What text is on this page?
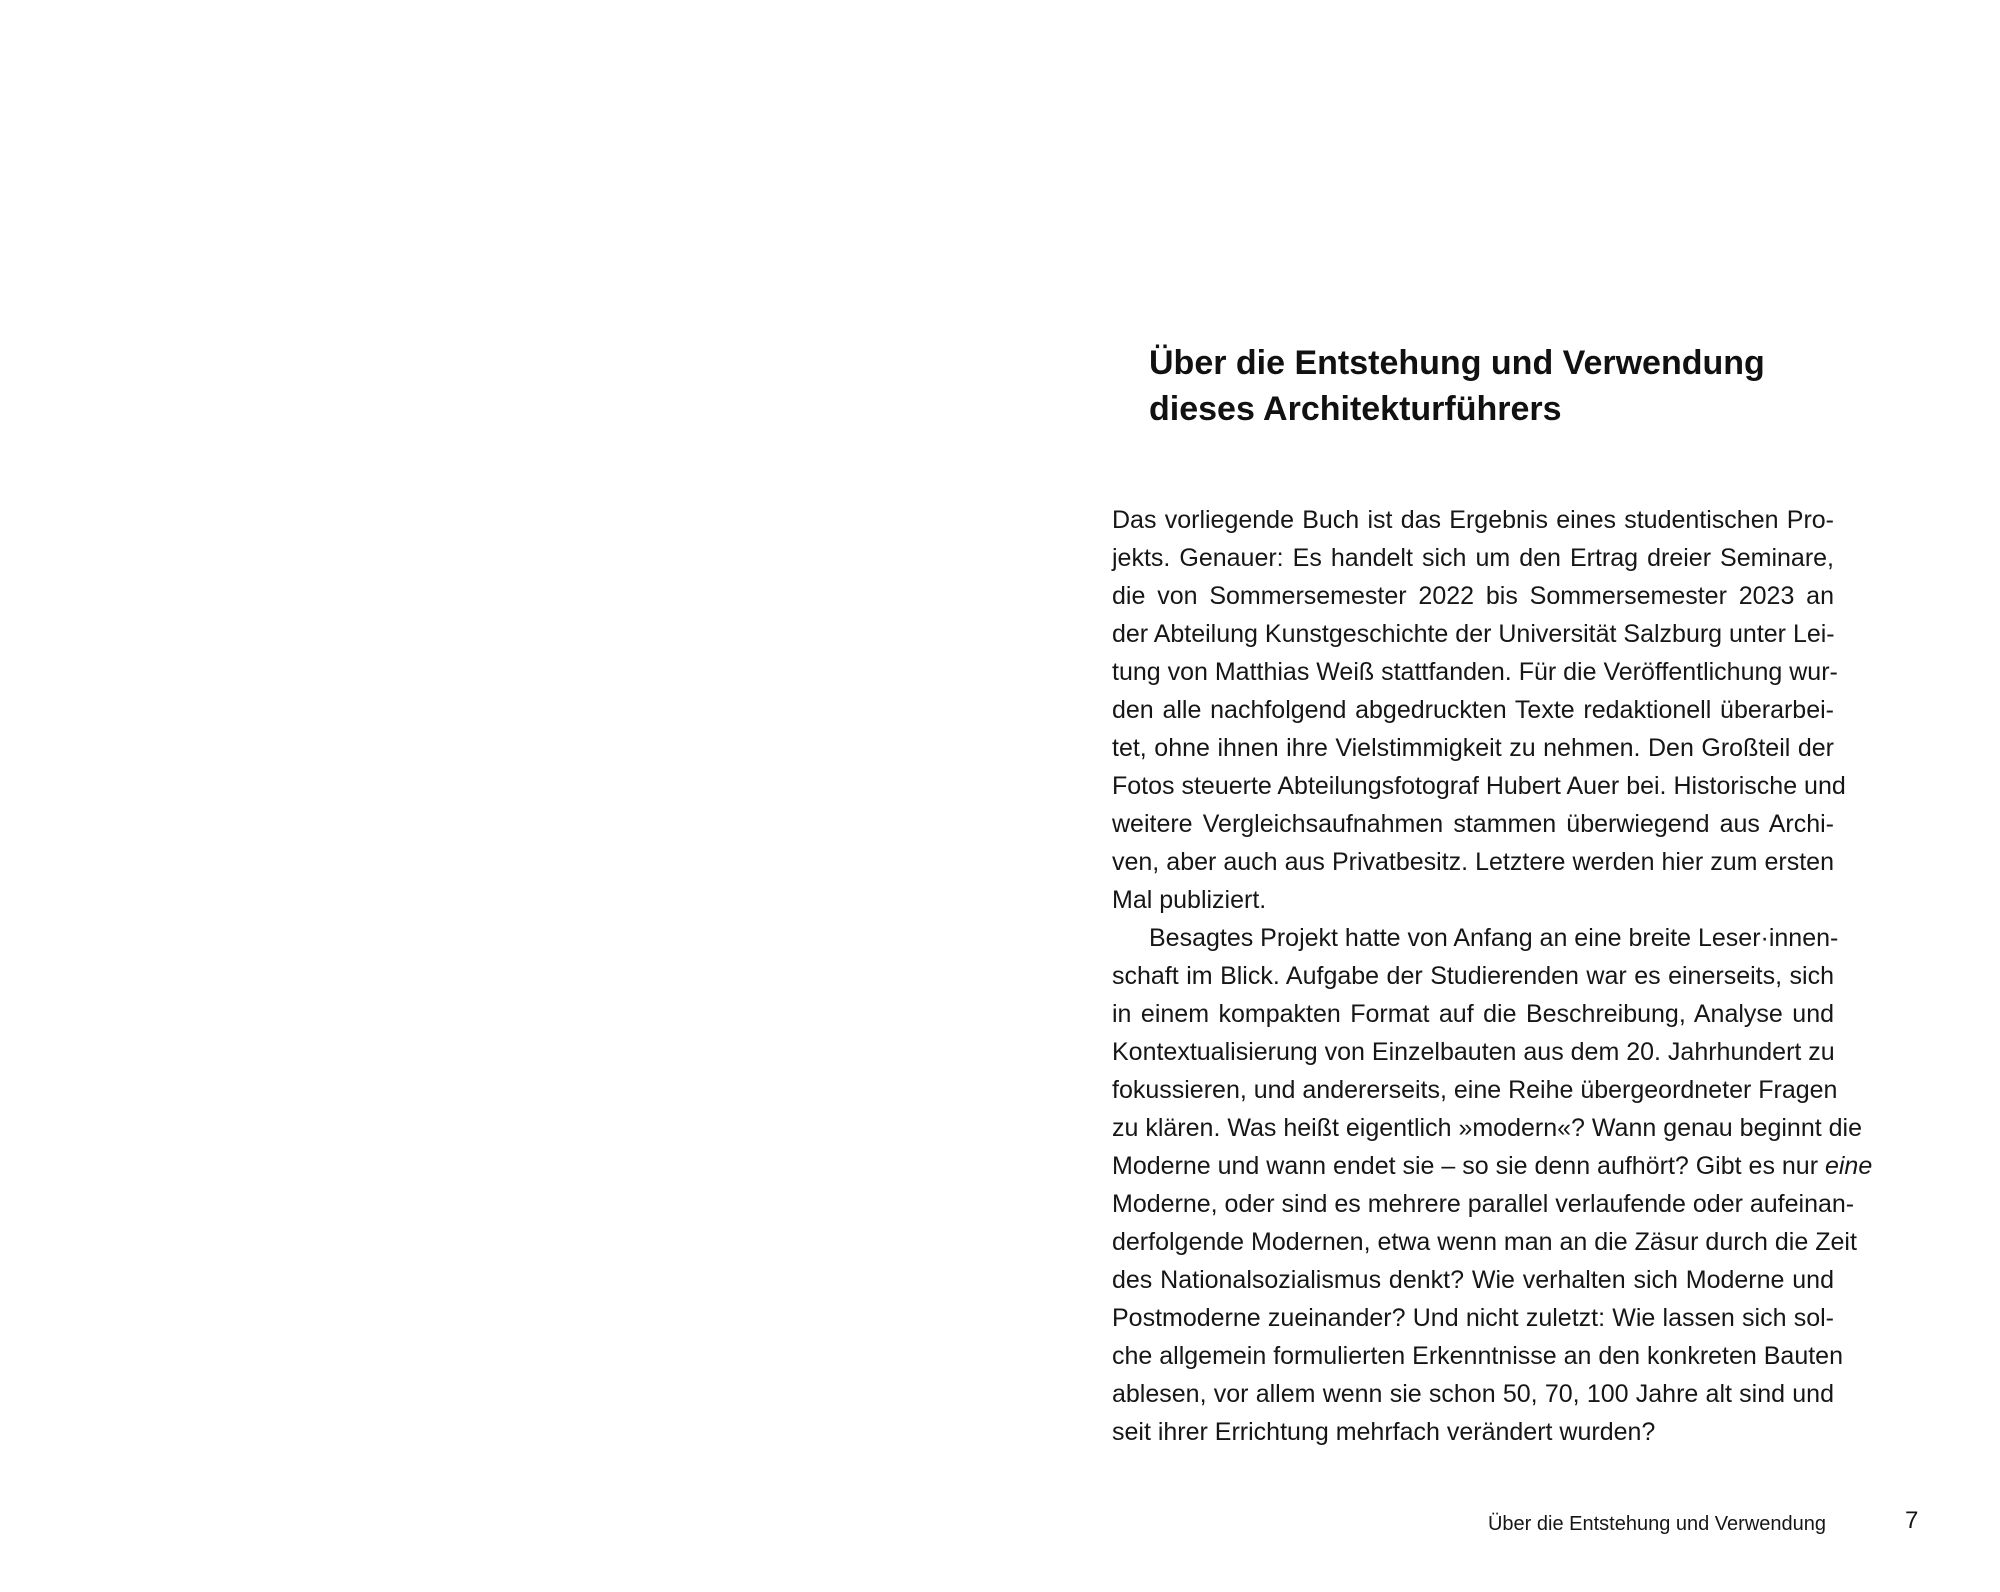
Über die Entstehung und Verwendung
dieses Architekturführers
Das vorliegende Buch ist das Ergebnis eines studentischen Pro-
jekts. Genauer: Es handelt sich um den Ertrag dreier Seminare,
die von Sommersemester 2022 bis Sommersemester 2023 an
der Abteilung Kunstgeschichte der Universität Salzburg unter Lei-
tung von Matthias Weiß stattfanden. Für die Veröffentlichung wur-
den alle nachfolgend abgedruckten Texte redaktionell überarbei-
tet, ohne ihnen ihre Vielstimmigkeit zu nehmen. Den Großteil der
Fotos steuerte Abteilungsfotograf Hubert Auer bei. Historische und
weitere Vergleichsaufnahmen stammen überwiegend aus Archi-
ven, aber auch aus Privatbesitz. Letztere werden hier zum ersten
Mal publiziert.
Besagtes Projekt hatte von Anfang an eine breite Leser·innen-
schaft im Blick. Aufgabe der Studierenden war es einerseits, sich
in einem kompakten Format auf die Beschreibung, Analyse und
Kontextualisierung von Einzelbauten aus dem 20. Jahrhundert zu
fokussieren, und andererseits, eine Reihe übergeordneter Fragen
zu klären. Was heißt eigentlich »modern«? Wann genau beginnt die
Moderne und wann endet sie – so sie denn aufhört? Gibt es nur eine
Moderne, oder sind es mehrere parallel verlaufende oder aufeinan-
derfolgende Modernen, etwa wenn man an die Zäsur durch die Zeit
des Nationalsozialismus denkt? Wie verhalten sich Moderne und
Postmoderne zueinander? Und nicht zuletzt: Wie lassen sich sol-
che allgemein formulierten Erkenntnisse an den konkreten Bauten
ablesen, vor allem wenn sie schon 50, 70, 100 Jahre alt sind und
seit ihrer Errichtung mehrfach verändert wurden?
Über die Entstehung und Verwendung	7
